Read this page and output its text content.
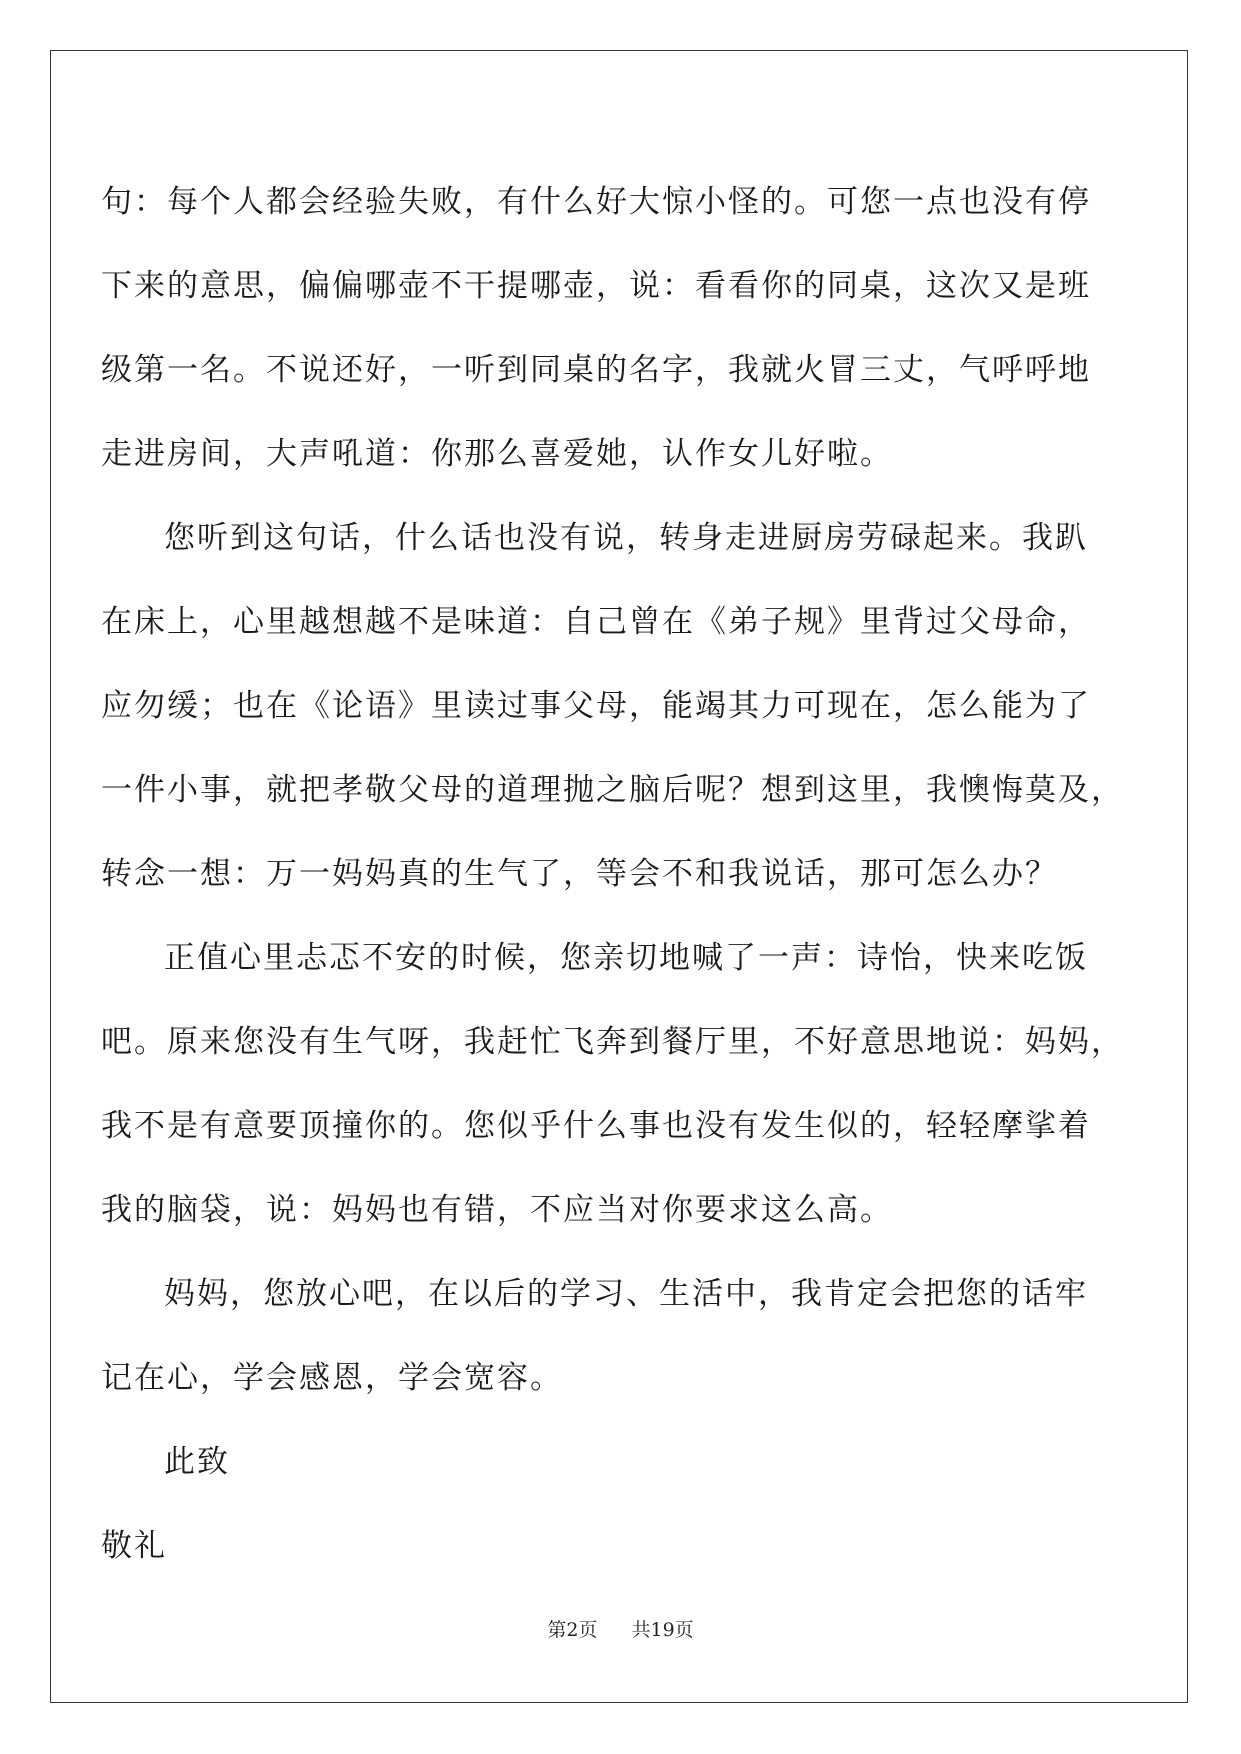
句：每个人都会经验失败，有什么好大惊小怪的。可您一点也没有停
下来的意思，偏偏哪壶不干提哪壶，说：看看你的同桌，这次又是班
级第一名。不说还好，一听到同桌的名字，我就火冒三丈，气呼呼地
走进房间，大声吼道：你那么喜爱她，认作女儿好啦。

您听到这句话，什么话也没有说，转身走进厨房劳碌起来。我趴
在床上，心里越想越不是味道：自己曾在《弟子规》里背过父母命，
应勿缓；也在《论语》里读过事父母，能竭其力可现在，怎么能为了
一件小事，就把孝敬父母的道理抛之脑后呢？想到这里，我懊悔莫及，
转念一想：万一妈妈真的生气了，等会不和我说话，那可怎么办？

正值心里忐忑不安的时候，您亲切地喊了一声：诗怡，快来吃饭
吧。原来您没有生气呀，我赶忙飞奔到餐厅里，不好意思地说：妈妈，
我不是有意要顶撞你的。您似乎什么事也没有发生似的，轻轻摩挲着
我的脑袋，说：妈妈也有错，不应当对你要求这么高。

妈妈，您放心吧，在以后的学习、生活中，我肯定会把您的话牢
记在心，学会感恩，学会宽容。

此致

敬礼

第2页 共19页
